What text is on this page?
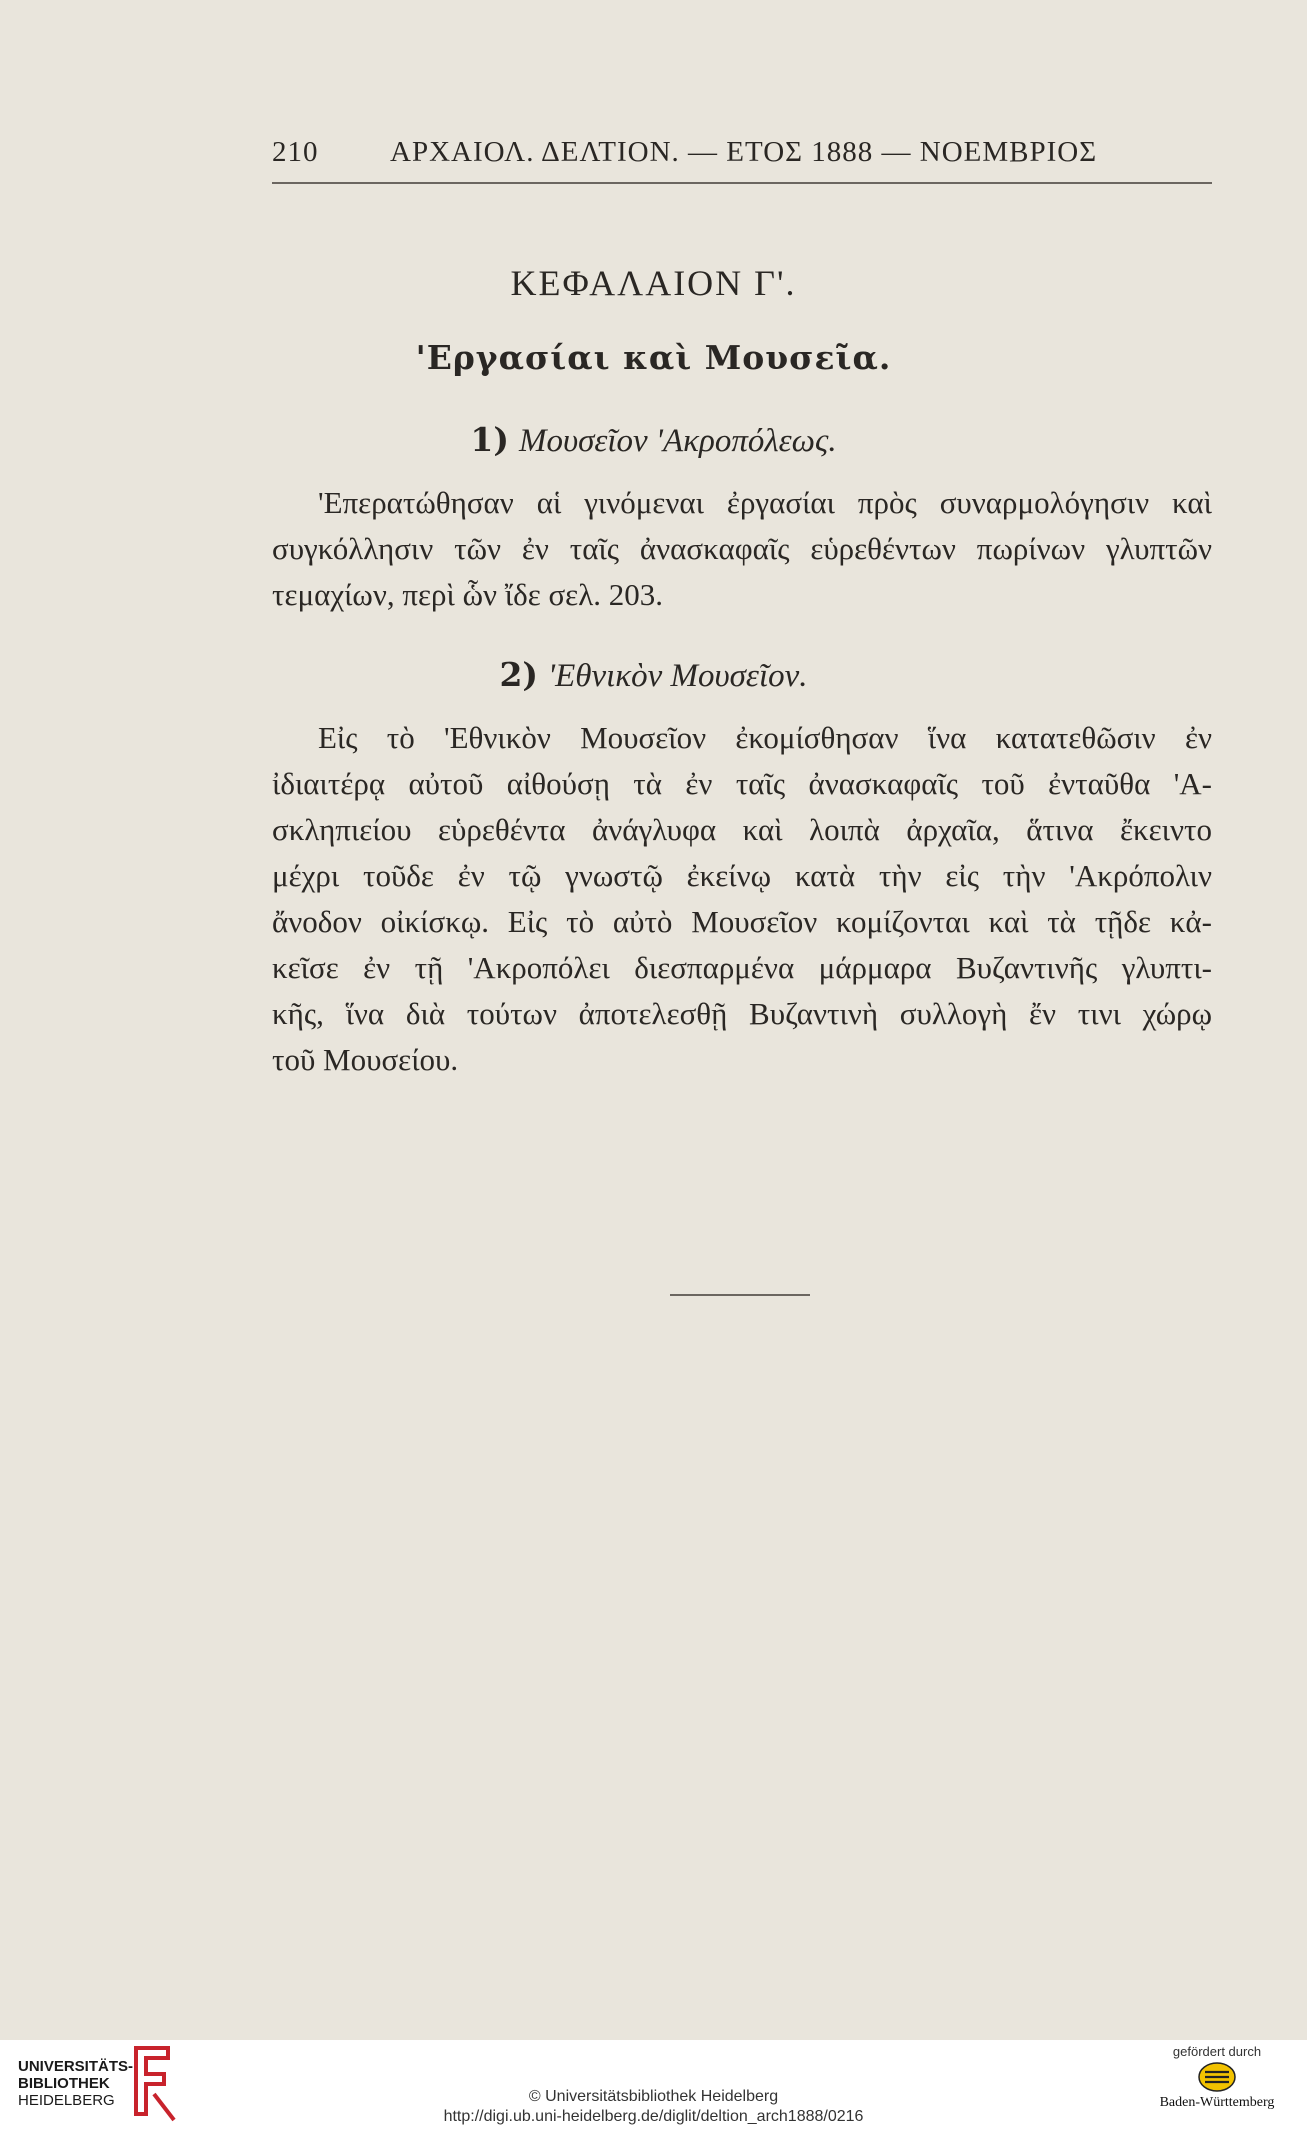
210 ΑΡΧΑΙΟΛ. ΔΕΛΤΙΟΝ. — ΕΤΟΣ 1888 — ΝΟΕΜΒΡΙΟΣ
ΚΕΦΑΛΑΙΟΝ Γ'.
'Εργασίαι καὶ Μουσεῖα.
1) Μουσεῖον 'Ακροπόλεως.
'Επερατώθησαν αἱ γινόμεναι ἐργασίαι πρὸς συναρμολόγησιν καὶ
συγκόλλησιν τῶν ἐν ταῖς ἀνασκαφαῖς εὑρεθέντων πωρίνων γλυπτῶν
τεμαχίων, περὶ ὧν ἴδε σελ. 203.
2) 'Εθνικὸν Μουσεῖον.
Εἰς τὸ 'Εθνικὸν Μουσεῖον ἐκομίσθησαν ἵνα κατατεθῶσιν ἐν
ἰδιαιτέρᾳ αὐτοῦ αἰθούσῃ τὰ ἐν ταῖς ἀνασκαφαῖς τοῦ ἐνταῦθα 'Α-
σκληπιείου εὑρεθέντα ἀνάγλυφα καὶ λοιπὰ ἀρχαῖα, ἅτινα ἔκειντο
μέχρι τοῦδε ἐν τῷ γνωστῷ ἐκείνῳ κατὰ τὴν εἰς τὴν 'Ακρόπολιν
ἄνοδον οἰκίσκῳ. Εἰς τὸ αὐτὸ Μουσεῖον κομίζονται καὶ τὰ τῇδε κἀ-
κεῖσε ἐν τῇ 'Ακροπόλει διεσπαρμένα μάρμαρα Βυζαντινῆς γλυπτι-
κῆς, ἵνα διὰ τούτων ἀποτελεσθῇ Βυζαντινὴ συλλογὴ ἔν τινι χώρῳ
τοῦ Μουσείου.
UNIVERSITÄTS-
BIBLIOTHEK
HEIDELBERG	© Universitätsbibliothek Heidelberg
http://digi.ub.uni-heidelberg.de/diglit/deltion_arch1888/0216
gefördert durch
Baden-Württemberg
